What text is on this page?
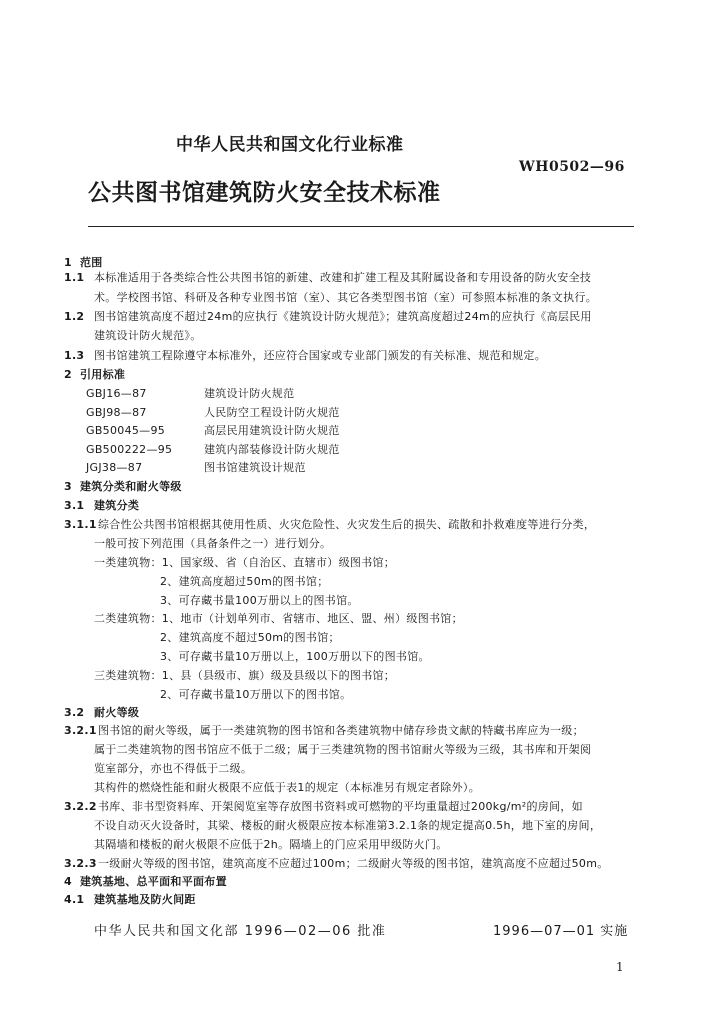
中华人民共和国文化行业标准
WH0502—96
公共图书馆建筑防火安全技术标准
1 范围
1.1 本标准适用于各类综合性公共图书馆的新建、改建和扩建工程及其附属设备和专用设备的防火安全技
术。学校图书馆、科研及各种专业图书馆（室）、其它各类型图书馆（室）可参照本标准的条文执行。
1.2 图书馆建筑高度不超过24m的应执行《建筑设计防火规范》；建筑高度超过24m的应执行《高层民用
建筑设计防火规范》。
1.3 图书馆建筑工程除遵守本标准外，还应符合国家或专业部门颁发的有关标准、规范和规定。
2 引用标准
GBJ16—87	建筑设计防火规范
GBJ98—87	人民防空工程设计防火规范
GB50045—95	高层民用建筑设计防火规范
GB500222—95	建筑内部装修设计防火规范
JGJ38—87	图书馆建筑设计规范
3 建筑分类和耐火等级
3.1 建筑分类
3.1.1 综合性公共图书馆根据其使用性质、火灾危险性、火灾发生后的损失、疏散和扑救难度等进行分类，
一般可按下列范围（具备条件之一）进行划分。
一类建筑物：1、国家级、省（自治区、直辖市）级图书馆；
2、建筑高度超过50m的图书馆；
3、可存藏书量100万册以上的图书馆。
二类建筑物：1、地市（计划单列市、省辖市、地区、盟、州）级图书馆；
2、建筑高度不超过50m的图书馆；
3、可存藏书量10万册以上，100万册以下的图书馆。
三类建筑物：1、县（县级市、旗）级及县级以下的图书馆；
2、可存藏书量10万册以下的图书馆。
3.2 耐火等级
3.2.1 图书馆的耐火等级，属于一类建筑物的图书馆和各类建筑物中储存珍贵文献的特藏书库应为一级；
属于二类建筑物的图书馆应不低于二级；属于三类建筑物的图书馆耐火等级为三级，其书库和开架阅
览室部分，亦也不得低于二级。
其构件的燃烧性能和耐火极限不应低于表1的规定（本标准另有规定者除外）。
3.2.2 书库、非书型资料库、开架阅览室等存放图书资料或可燃物的平均重量超过200kg/m²的房间，如
不设自动灭火设备时，其梁、楼板的耐火极限应按本标准第3.2.1条的规定提高0.5h，地下室的房间，
其隔墙和楼板的耐火极限不应低于2h。隔墙上的门应采用甲级防火门。
3.2.3 一级耐火等级的图书馆，建筑高度不应超过100m；二级耐火等级的图书馆，建筑高度不应超过50m。
4 建筑基地、总平面和平面布置
4.1 建筑基地及防火间距
中华人民共和国文化部 1996—02—06 批准	1996—07—01 实施
1
